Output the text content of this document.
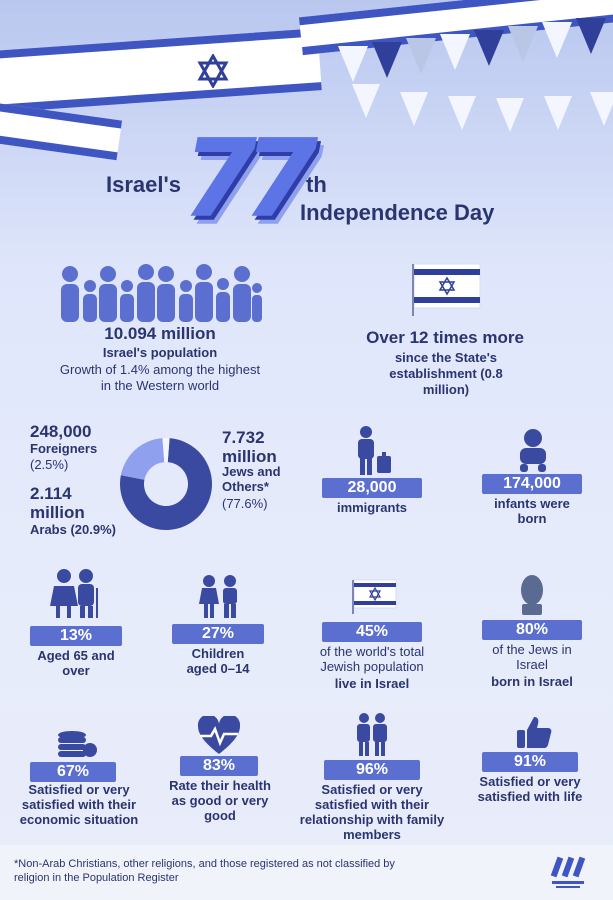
Israel's 77 th
Independence Day
10.094 million
Israel's population
Growth of 1.4% among the highest in the Western world
Over 12 times more
since the State's establishment (0.8 million)
248,000
Foreigners
(2.5%)
2.114 million
Arabs (20.9%)
7.732 million
Jews and Others*
(77.6%)
28,000
immigrants
174,000
infants were born
13%
Aged 65 and over
27%
Children aged 0–14
45%
of the world's total Jewish population
live in Israel
80%
of the Jews in Israel
born in Israel
67%
Satisfied or very satisfied with their economic situation
83%
Rate their health as good or very good
96%
Satisfied or very satisfied with their relationship with family members
91%
Satisfied or very satisfied with life
*Non-Arab Christians, other religions, and those registered as not classified by religion in the Population Register
